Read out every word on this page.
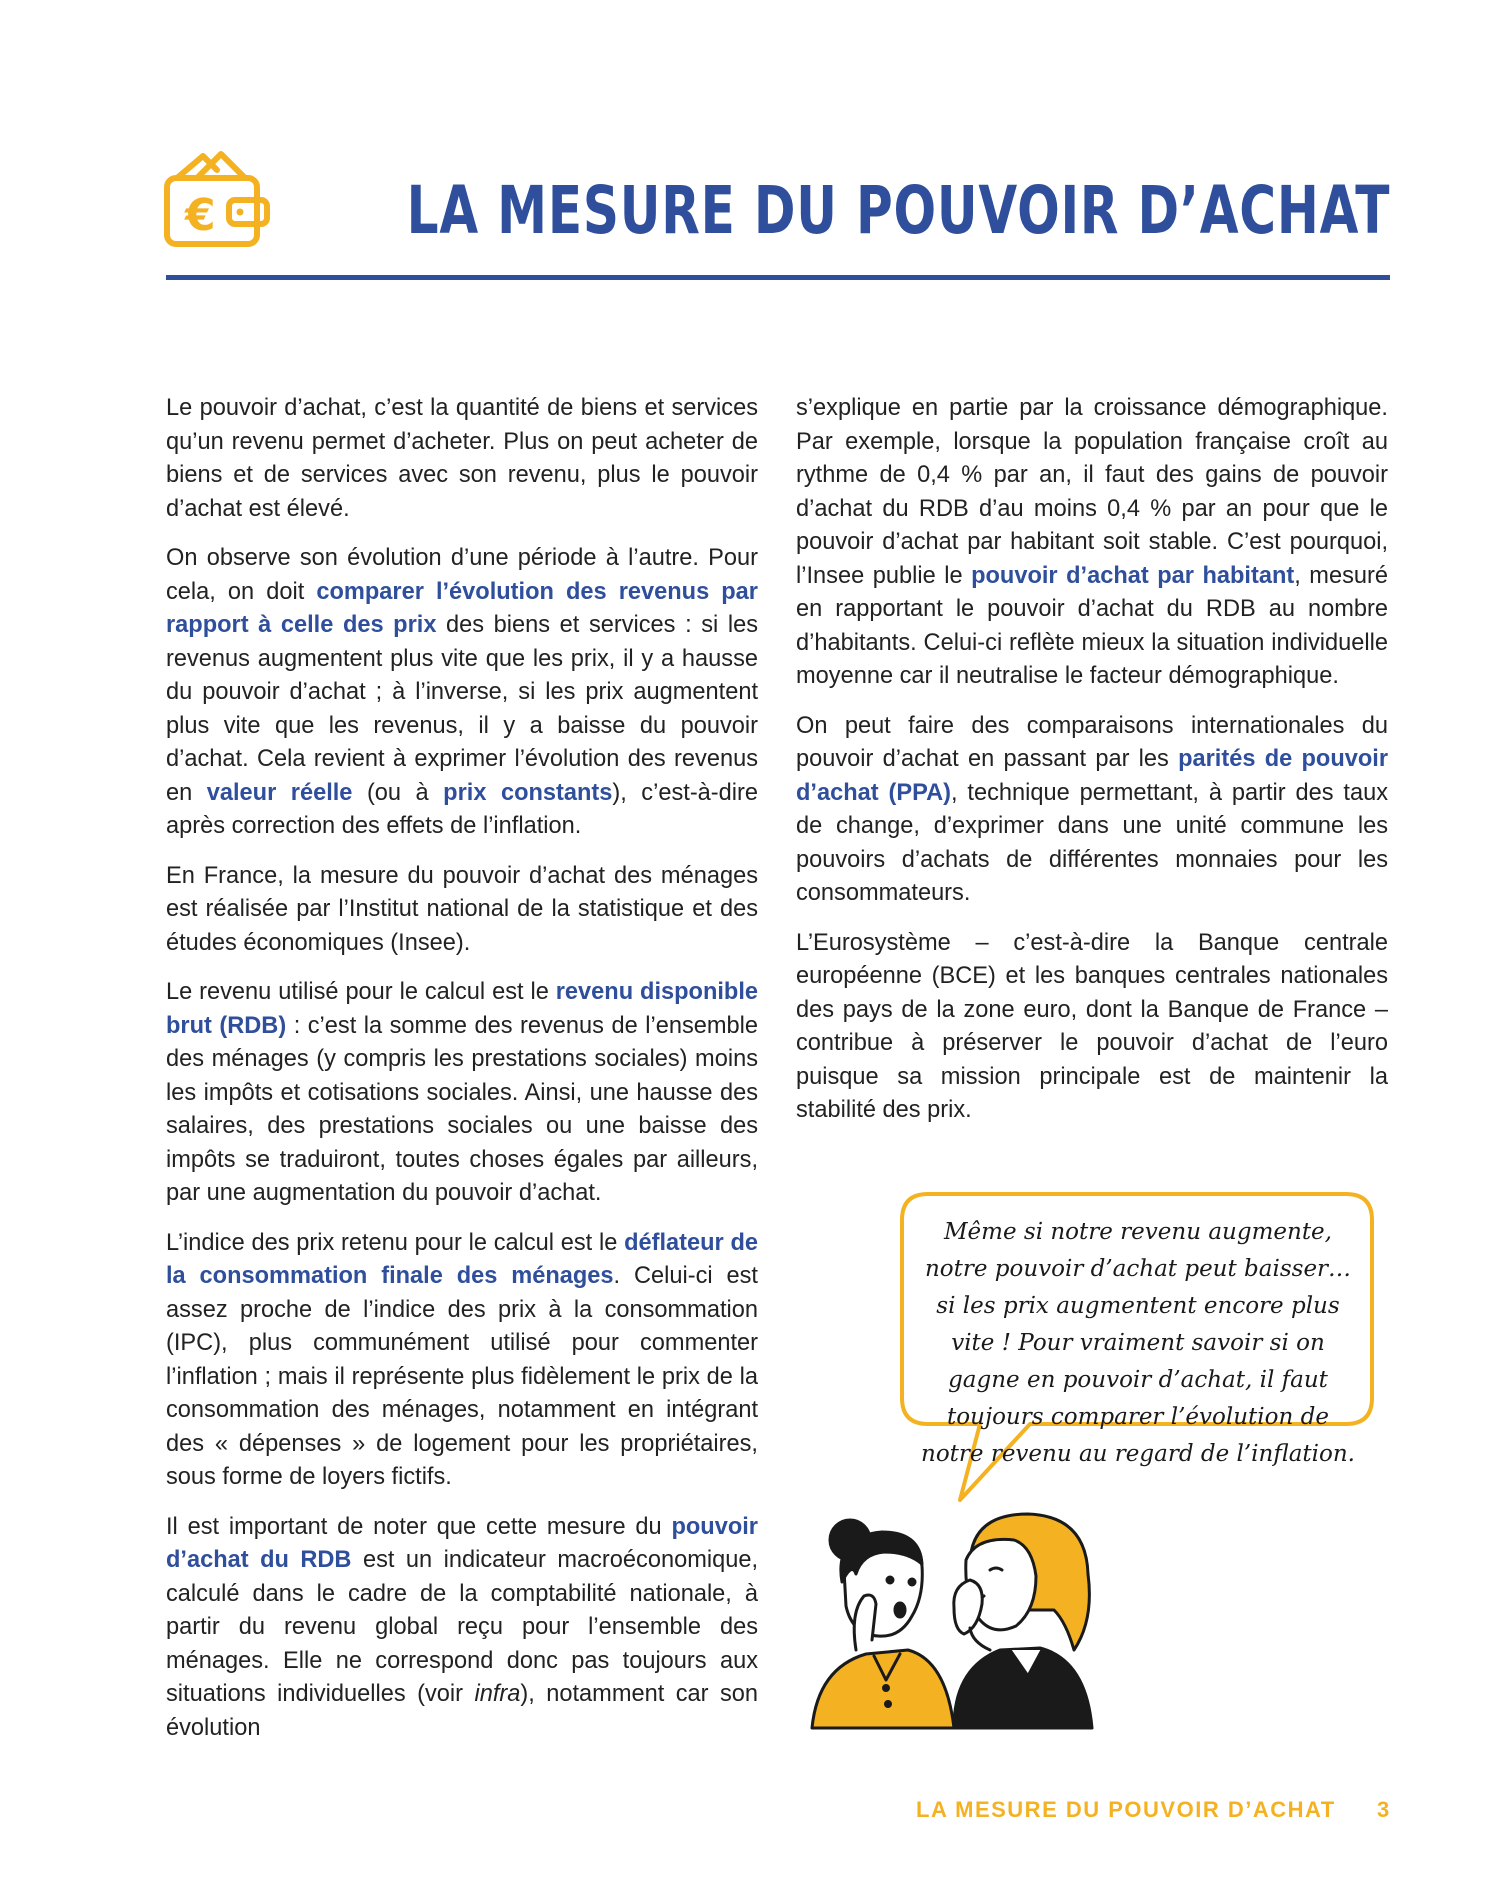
€	LA MESURE DU POUVOIR D’ACHAT

Le pouvoir d’achat, c’est la quantité de biens et services qu’un revenu permet d’acheter. Plus on peut acheter de biens et de services avec son revenu, plus le pouvoir d’achat est élevé.

On observe son évolution d’une période à l’autre. Pour cela, on doit comparer l’évolution des revenus par rapport à celle des prix des biens et services : si les revenus augmentent plus vite que les prix, il y a hausse du pouvoir d’achat ; à l’inverse, si les prix augmentent plus vite que les revenus, il y a baisse du pouvoir d’achat. Cela revient à exprimer l’évolution des revenus en valeur réelle (ou à prix constants), c’est-à-dire après correction des effets de l’inflation.

En France, la mesure du pouvoir d’achat des ménages est réalisée par l’Institut national de la statistique et des études économiques (Insee).

Le revenu utilisé pour le calcul est le revenu disponible brut (RDB) : c’est la somme des revenus de l’ensemble des ménages (y compris les prestations sociales) moins les impôts et cotisations sociales. Ainsi, une hausse des salaires, des prestations sociales ou une baisse des impôts se traduiront, toutes choses égales par ailleurs, par une augmentation du pouvoir d’achat.

L’indice des prix retenu pour le calcul est le déflateur de la consommation finale des ménages. Celui-ci est assez proche de l’indice des prix à la consommation (IPC), plus communément utilisé pour commenter l’inflation ; mais il représente plus fidèlement le prix de la consommation des ménages, notamment en intégrant des « dépenses » de logement pour les propriétaires, sous forme de loyers fictifs.

Il est important de noter que cette mesure du pouvoir d’achat du RDB est un indicateur macroéconomique, calculé dans le cadre de la comptabilité nationale, à partir du revenu global reçu pour l’ensemble des ménages. Elle ne correspond donc pas toujours aux situations individuelles (voir infra), notamment car son évolution

s’explique en partie par la croissance démographique. Par exemple, lorsque la population française croît au rythme de 0,4 % par an, il faut des gains de pouvoir d’achat du RDB d’au moins 0,4 % par an pour que le pouvoir d’achat par habitant soit stable. C’est pourquoi, l’Insee publie le pouvoir d’achat par habitant, mesuré en rapportant le pouvoir d’achat du RDB au nombre d’habitants. Celui-ci reflète mieux la situation individuelle moyenne car il neutralise le facteur démographique.

On peut faire des comparaisons internationales du pouvoir d’achat en passant par les parités de pouvoir d’achat (PPA), technique permettant, à partir des taux de change, d’exprimer dans une unité commune les pouvoirs d’achats de différentes monnaies pour les consommateurs.

L’Eurosystème – c’est-à-dire la Banque centrale européenne (BCE) et les banques centrales nationales des pays de la zone euro, dont la Banque de France – contribue à préserver le pouvoir d’achat de l’euro puisque sa mission principale est de maintenir la stabilité des prix.

Même si notre revenu augmente, notre pouvoir d’achat peut baisser… si les prix augmentent encore plus vite ! Pour vraiment savoir si on gagne en pouvoir d’achat, il faut toujours comparer l’évolution de notre revenu au regard de l’inflation.

LA MESURE DU POUVOIR D’ACHAT 3
